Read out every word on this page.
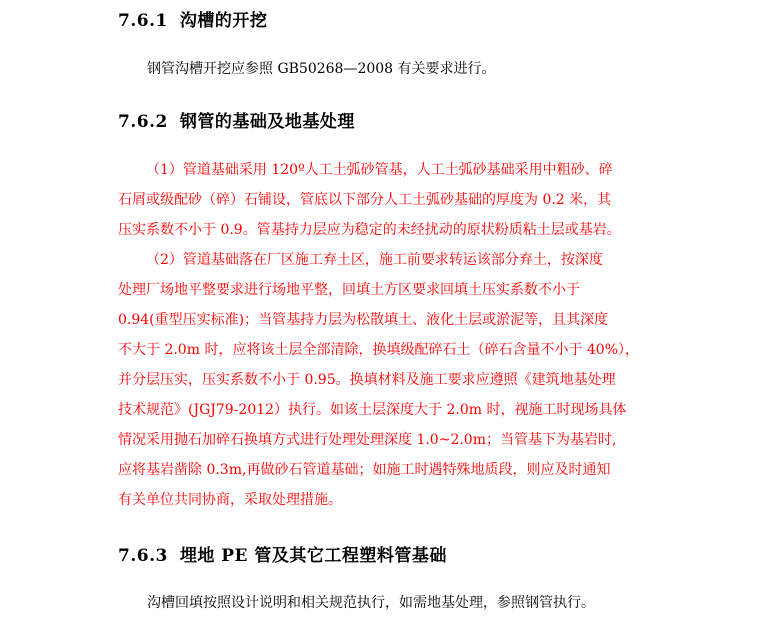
7.6.1 沟槽的开挖
钢管沟槽开挖应参照 GB50268—2008 有关要求进行。
7.6.2 钢管的基础及地基处理
（1）管道基础采用 120º人工土弧砂管基，人工土弧砂基础采用中粗砂、碎
石屑或级配砂（碎）石铺设，管底以下部分人工土弧砂基础的厚度为 0.2 米，其
压实系数不小于 0.9。管基持力层应为稳定的未经扰动的原状粉质粘土层或基岩。
（2）管道基础落在厂区施工弃土区，施工前要求转运该部分弃土，按深度
处理厂场地平整要求进行场地平整，回填土方区要求回填土压实系数不小于
0.94(重型压实标准)；当管基持力层为松散填土、液化土层或淤泥等，且其深度
不大于 2.0m 时，应将该土层全部清除，换填级配碎石土（碎石含量不小于 40%），
并分层压实，压实系数不小于 0.95。换填材料及施工要求应遵照《建筑地基处理
技术规范》(JGJ79-2012）执行。如该土层深度大于 2.0m 时，视施工时现场具体
情况采用抛石加碎石换填方式进行处理处理深度 1.0~2.0m；当管基下为基岩时,
应将基岩凿除 0.3m,再做砂石管道基础；如施工时遇特殊地质段，则应及时通知
有关单位共同协商，采取处理措施。
7.6.3 埋地 PE 管及其它工程塑料管基础
沟槽回填按照设计说明和相关规范执行，如需地基处理，参照钢管执行。
